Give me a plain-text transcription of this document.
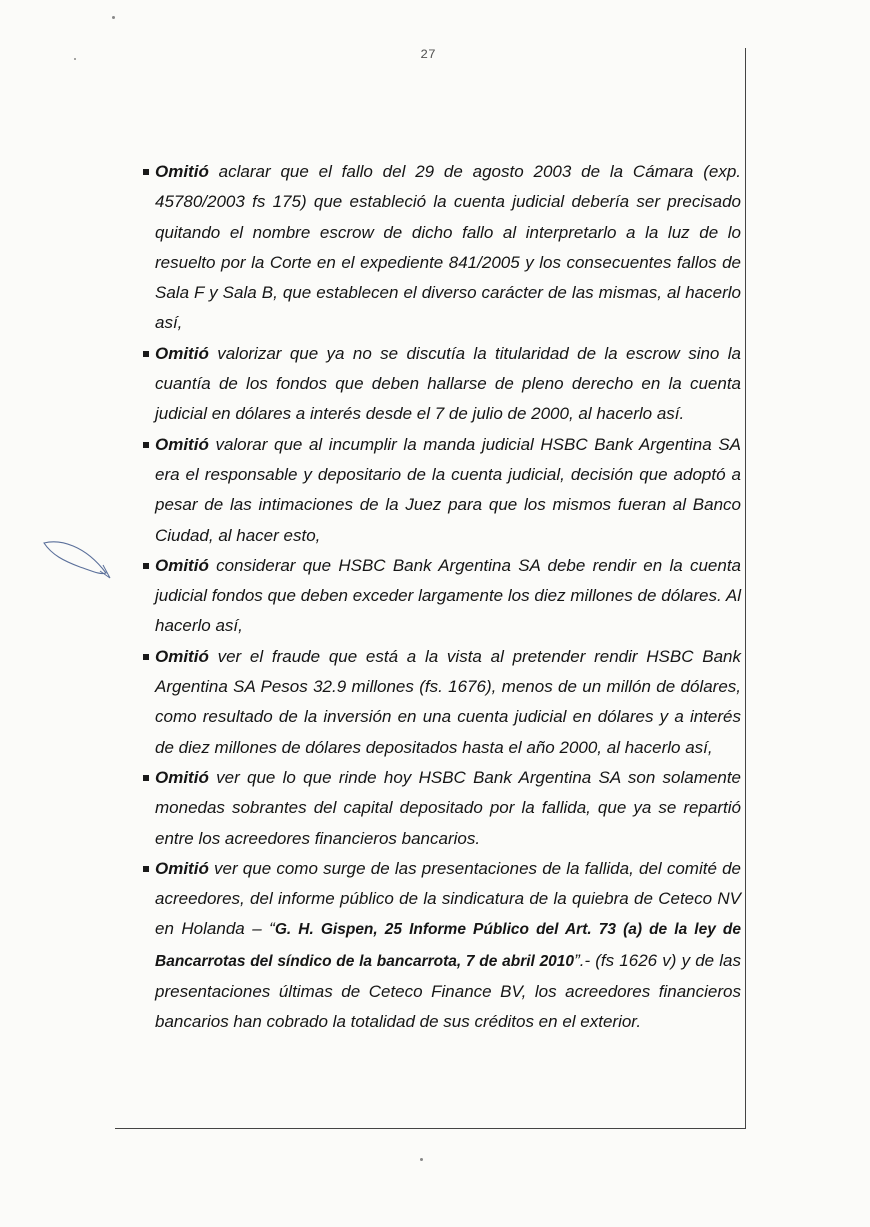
27
Omitió aclarar que el fallo del 29 de agosto 2003 de la Cámara (exp. 45780/2003 fs 175) que estableció la cuenta judicial debería ser precisado quitando el nombre escrow de dicho fallo al interpretarlo a la luz de lo resuelto por la Corte en el expediente 841/2005 y los consecuentes fallos de Sala F y Sala B, que establecen el diverso carácter de las mismas, al hacerlo así,
Omitió valorizar que ya no se discutía la titularidad de la escrow sino la cuantía de los fondos que deben hallarse de pleno derecho en la cuenta judicial en dólares a interés desde el 7 de julio de 2000, al hacerlo así.
Omitió valorar que al incumplir la manda judicial HSBC Bank Argentina SA era el responsable y depositario de la cuenta judicial, decisión que adoptó a pesar de las intimaciones de la Juez para que los mismos fueran al Banco Ciudad, al hacer esto,
Omitió considerar que HSBC Bank Argentina SA debe rendir en la cuenta judicial fondos que deben exceder largamente los diez millones de dólares. Al hacerlo así,
Omitió ver el fraude que está a la vista al pretender rendir HSBC Bank Argentina SA Pesos 32.9 millones (fs. 1676), menos de un millón de dólares, como resultado de la inversión en una cuenta judicial en dólares y a interés de diez millones de dólares depositados hasta el año 2000, al hacerlo así,
Omitió ver que lo que rinde hoy HSBC Bank Argentina SA son solamente monedas sobrantes del capital depositado por la fallida, que ya se repartió entre los acreedores financieros bancarios.
Omitió ver que como surge de las presentaciones de la fallida, del comité de acreedores, del informe público de la sindicatura de la quiebra de Ceteco NV en Holanda – “G. H. Gispen, 25 Informe Público del Art. 73 (a) de la ley de Bancarrotas del síndico de la bancarrota, 7 de abril 2010”.- (fs 1626 v) y de las presentaciones últimas de Ceteco Finance BV, los acreedores financieros bancarios han cobrado la totalidad de sus créditos en el exterior.
